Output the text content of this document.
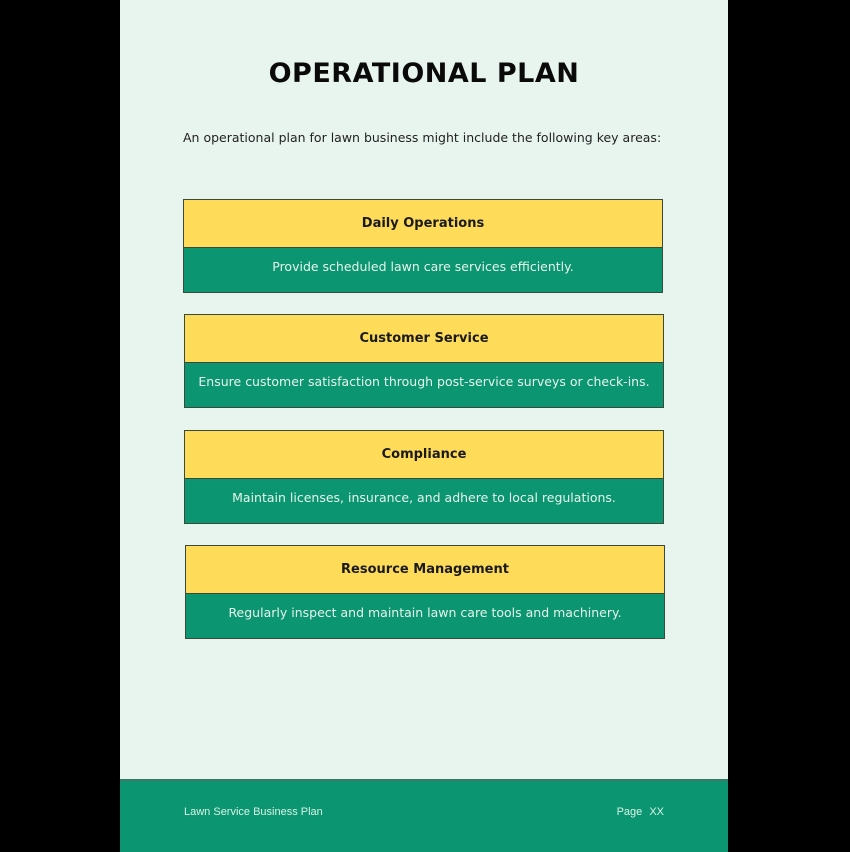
OPERATIONAL PLAN
An operational plan for lawn business might include the following key areas:
Daily Operations
Provide scheduled lawn care services efficiently.
Customer Service
Ensure customer satisfaction through post-service surveys or check-ins.
Compliance
Maintain licenses, insurance, and adhere to local regulations.
Resource Management
Regularly inspect and maintain lawn care tools and machinery.
Lawn Service Business Plan	Page XX
